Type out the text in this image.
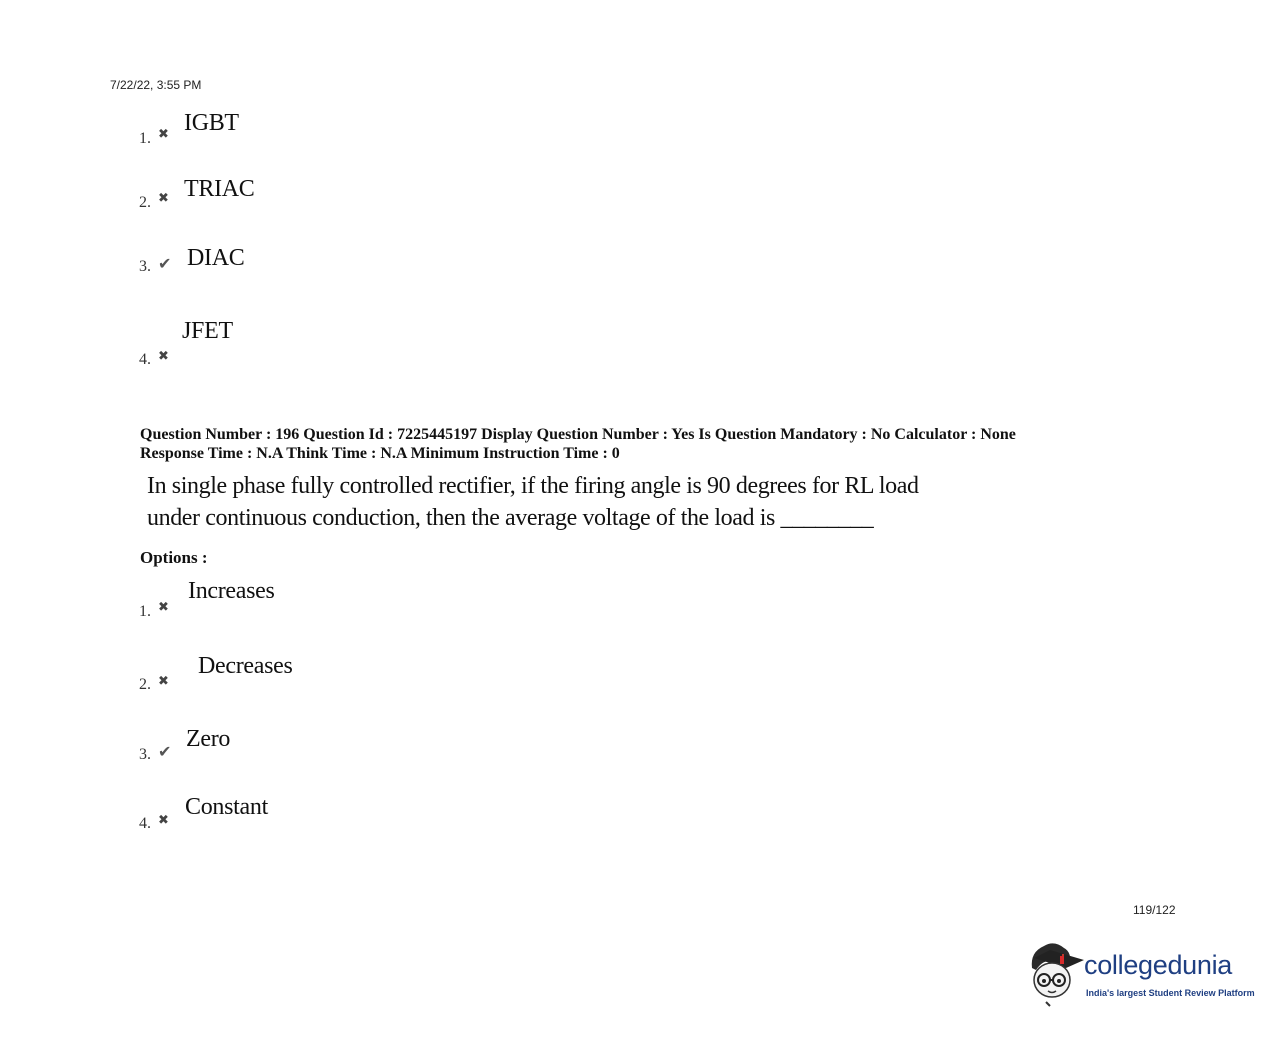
7/22/22, 3:55 PM
1. ✖ IGBT
2. ✖ TRIAC
3. ✔ DIAC
4. ✖
JFET
Question Number : 196 Question Id : 7225445197 Display Question Number : Yes Is Question Mandatory : No Calculator : None
Response Time : N.A Think Time : N.A Minimum Instruction Time : 0
In single phase fully controlled rectifier, if the firing angle is 90 degrees for RL load
under continuous conduction, then the average voltage of the load is ________
Options :
1. ✖
Increases
2. ✖
Decreases
3. ✔ Zero
4. ✖
Constant
119/122
collegedunia
India's largest Student Review Platform
